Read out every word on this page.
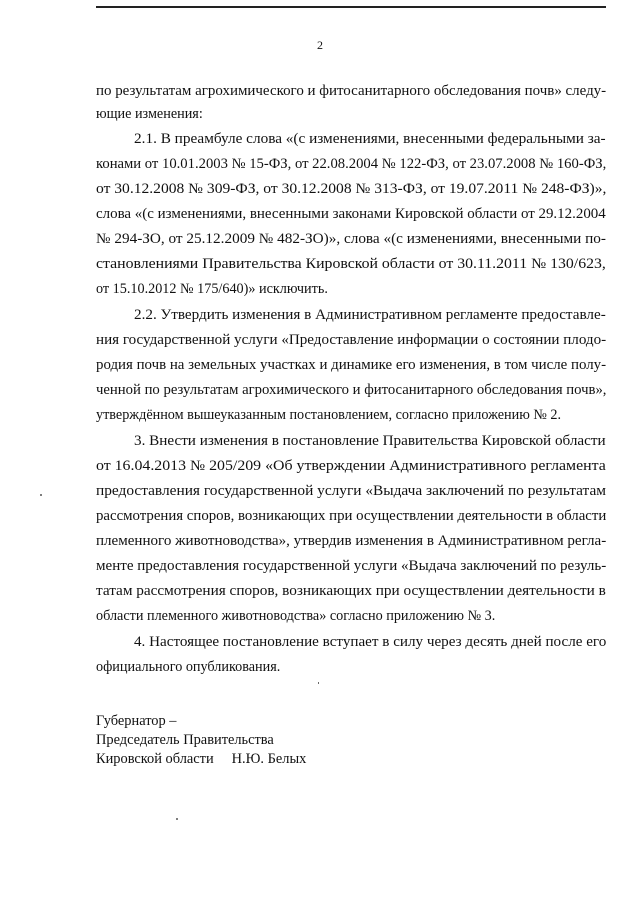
2
по результатам агрохимического и фитосанитарного обследования почв» следу-
ющие изменения:
2.1. В преамбуле слова «(с изменениями, внесенными федеральными за-
конами от 10.01.2003 № 15-ФЗ, от 22.08.2004 № 122-ФЗ, от 23.07.2008 № 160-ФЗ,
от 30.12.2008 № 309-ФЗ, от 30.12.2008 № 313-ФЗ, от 19.07.2011 № 248-ФЗ)»,
слова «(с изменениями, внесенными законами Кировской области от 29.12.2004
№ 294-ЗО, от 25.12.2009 № 482-ЗО)», слова «(с изменениями, внесенными по-
становлениями Правительства Кировской области от 30.11.2011 № 130/623,
от 15.10.2012 № 175/640)» исключить.
2.2. Утвердить изменения в Административном регламенте предоставле-
ния государственной услуги «Предоставление информации о состоянии плодо-
родия почв на земельных участках и динамике его изменения, в том числе полу-
ченной по результатам агрохимического и фитосанитарного обследования почв»,
утверждённом вышеуказанным постановлением, согласно приложению № 2.
3. Внести изменения в постановление Правительства Кировской области
от 16.04.2013 № 205/209 «Об утверждении Административного регламента
предоставления государственной услуги «Выдача заключений по результатам
рассмотрения споров, возникающих при осуществлении деятельности в области
племенного животноводства», утвердив изменения в Административном регла-
менте предоставления государственной услуги «Выдача заключений по резуль-
татам рассмотрения споров, возникающих при осуществлении деятельности в
области племенного животноводства» согласно приложению № 3.
4. Настоящее постановление вступает в силу через десять дней после его
официального опубликования.
Губернатор –
Председатель Правительства
Кировской области     Н.Ю. Белых
